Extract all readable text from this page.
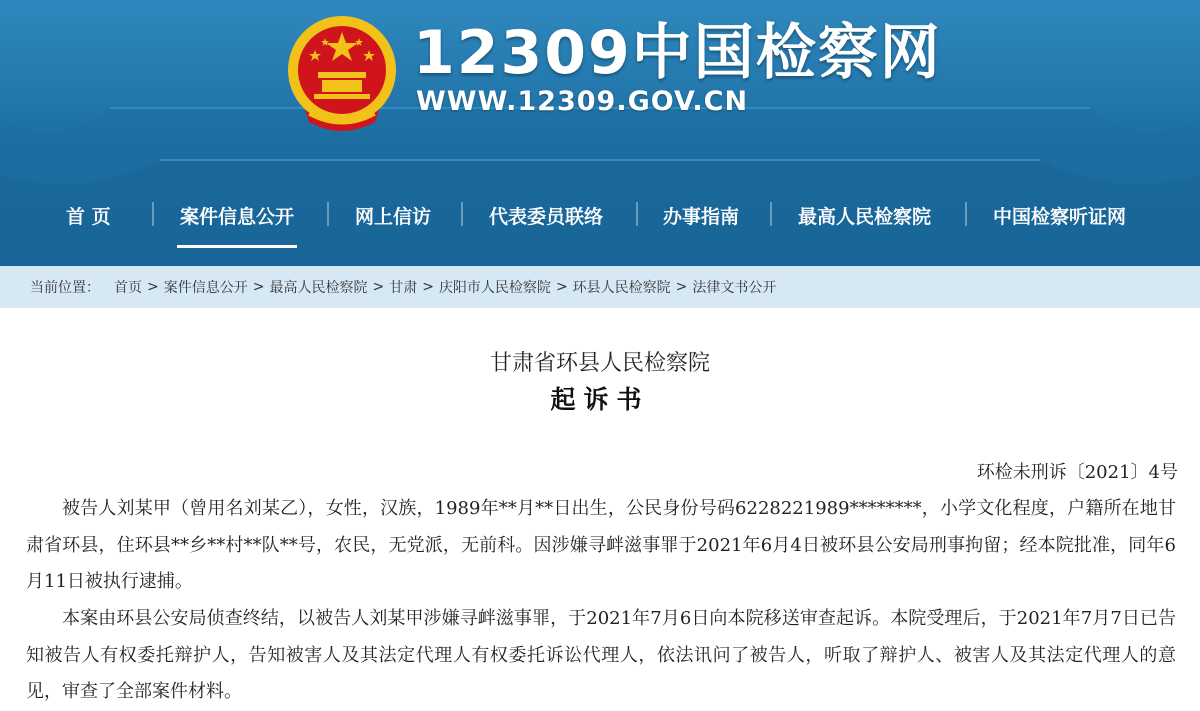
12309中国检察网
WWW.12309.GOV.CN
首 页	案件信息公开	网上信访	代表委员联络	办事指南	最高人民检察院	中国检察听证网
当前位置： 首页 > 案件信息公开 > 最高人民检察院 > 甘肃 > 庆阳市人民检察院 > 环县人民检察院 > 法律文书公开
甘肃省环县人民检察院
起诉书
环检未刑诉〔2021〕4号

被告人刘某甲（曾用名刘某乙），女性，汉族，1989年**月**日出生，公民身份号码6228221989********，小学文化程度，户籍所在地甘肃省环县，住环县**乡**村**队**号，农民，无党派，无前科。因涉嫌寻衅滋事罪于2021年6月4日被环县公安局刑事拘留；经本院批准，同年6月11日被执行逮捕。

本案由环县公安局侦查终结，以被告人刘某甲涉嫌寻衅滋事罪，于2021年7月6日向本院移送审查起诉。本院受理后，于2021年7月7日已告知被告人有权委托辩护人，告知被害人及其法定代理人有权委托诉讼代理人，依法讯问了被告人，听取了辩护人、被害人及其法定代理人的意见，审查了全部案件材料。
